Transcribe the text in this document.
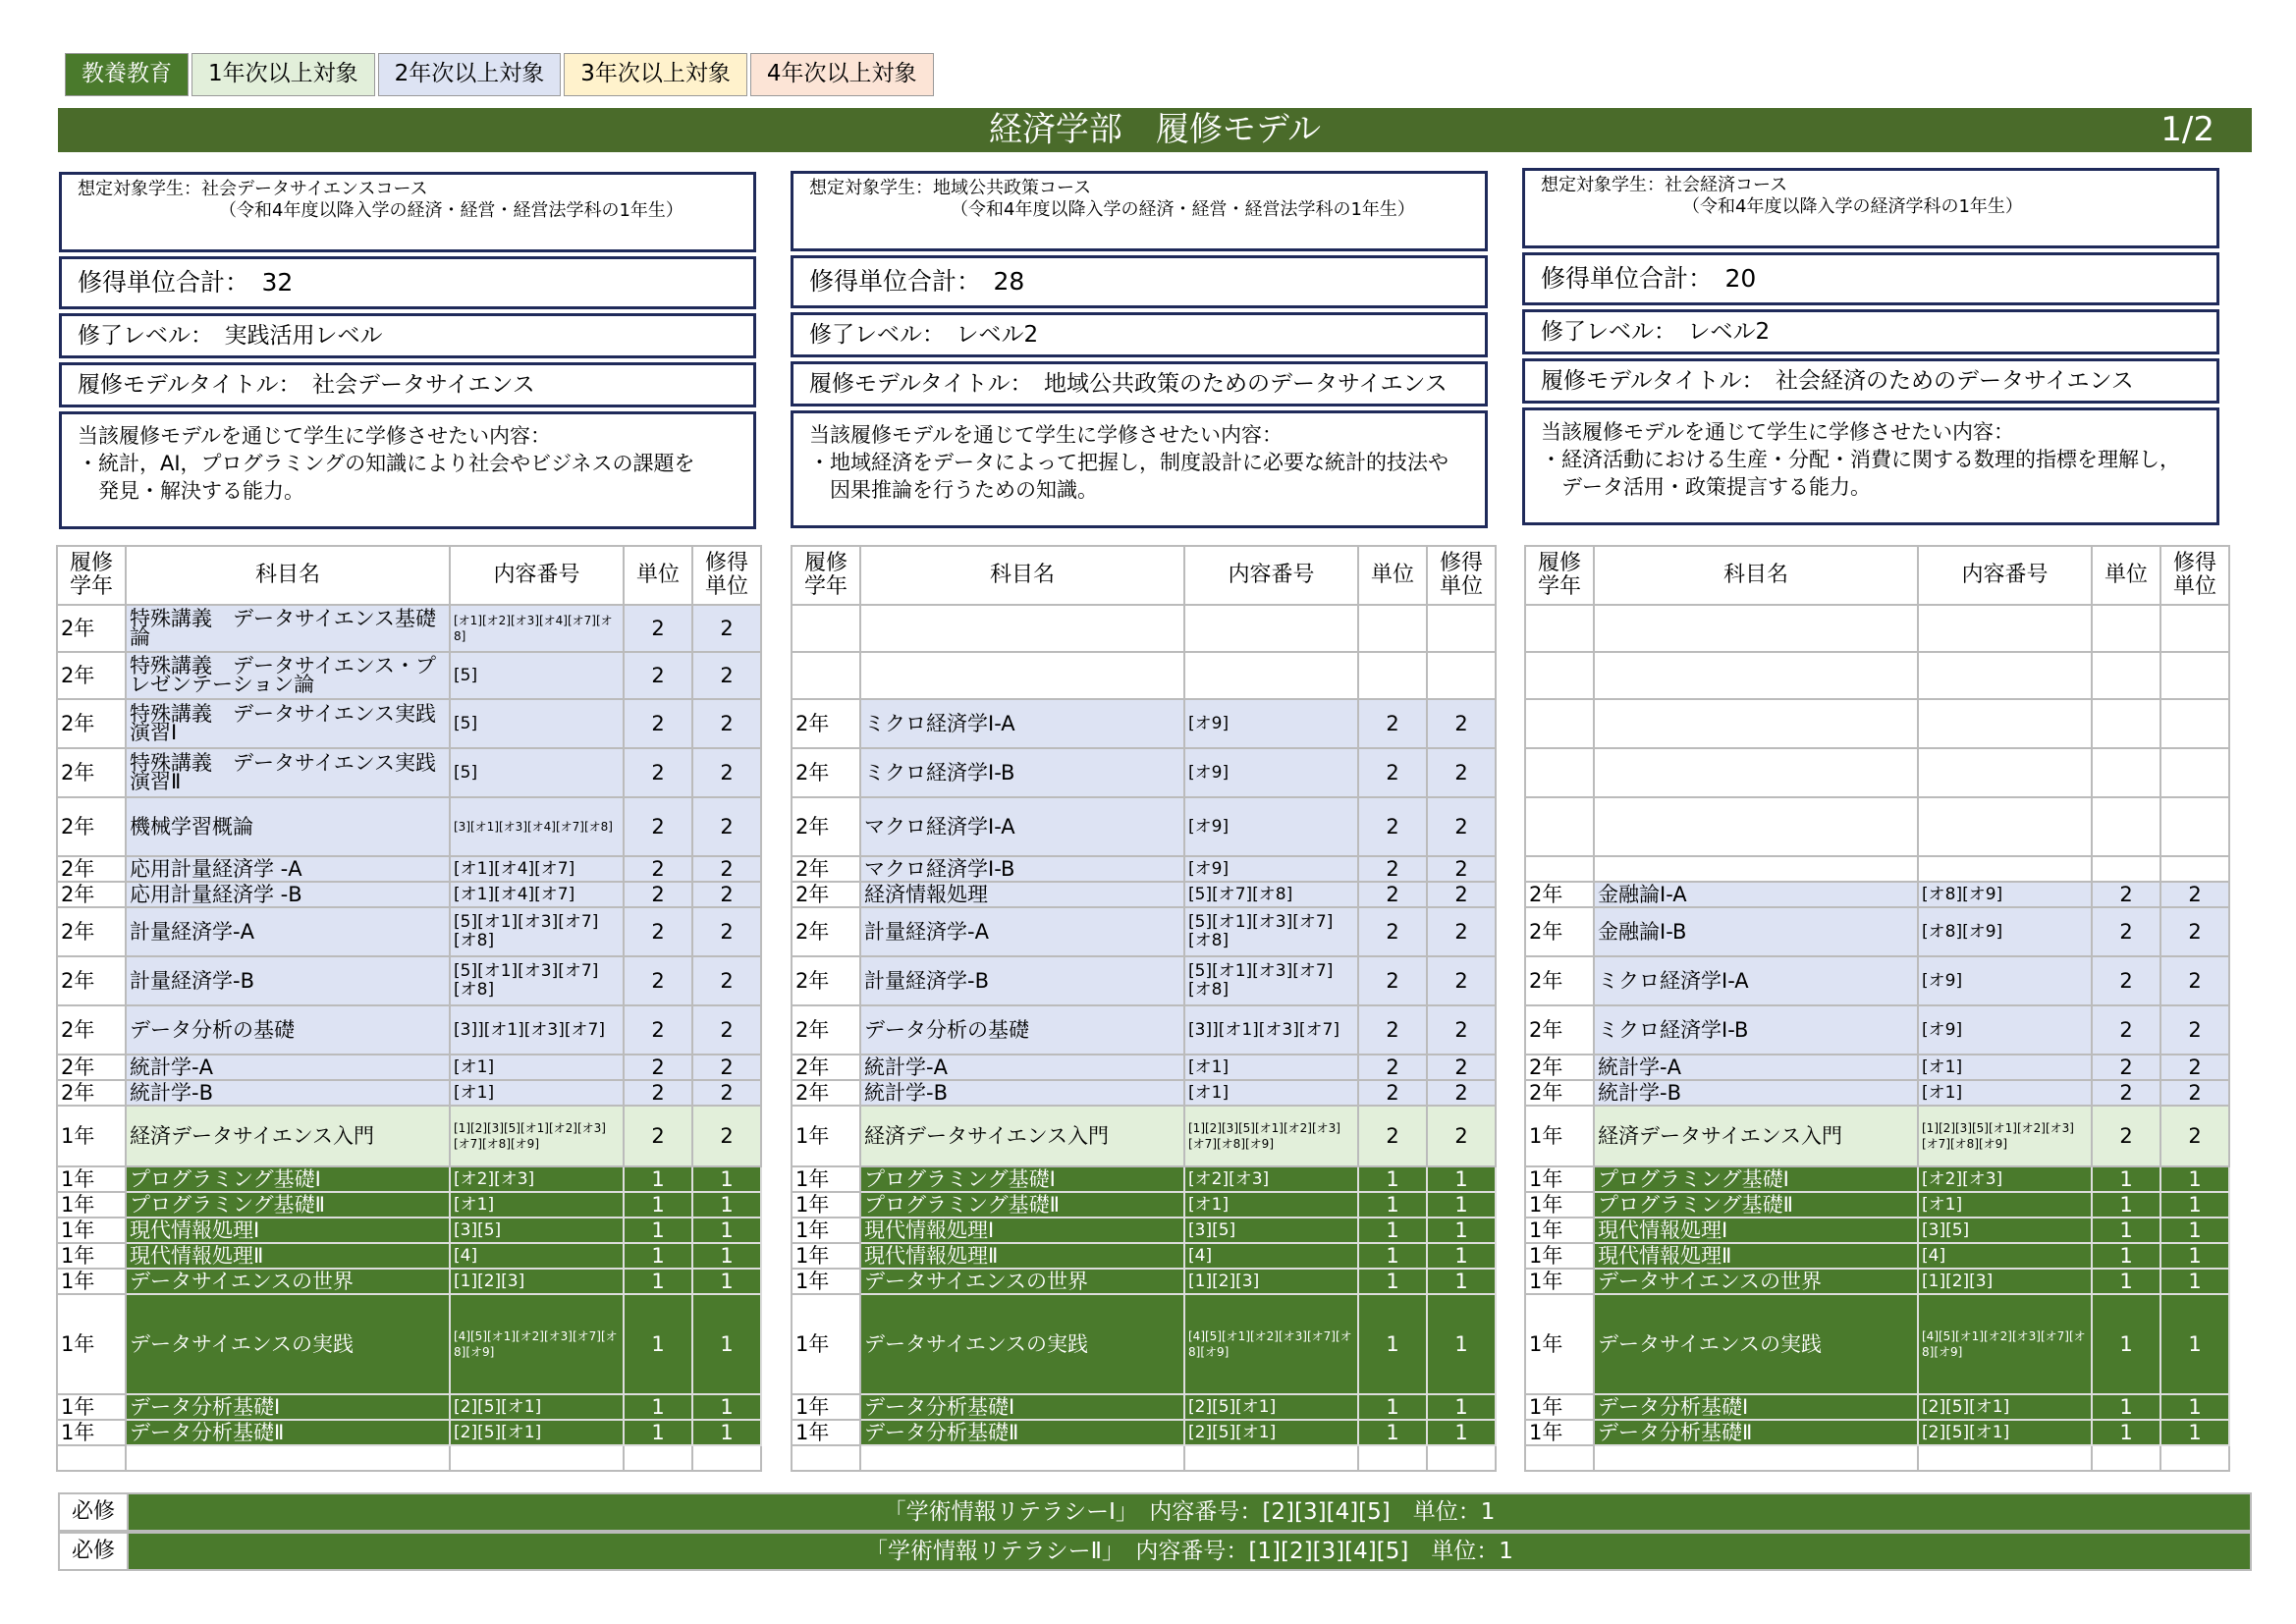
教養教育	1年次以上対象	2年次以上対象	3年次以上対象	4年次以上対象
経済学部　履修モデル	1/2
想定対象学生：社会データサイエンスコース
（令和4年度以降入学の経済・経営・経営法学科の1年生）
修得単位合計：　32
修了レベル：　実践活用レベル
履修モデルタイトル：　社会データサイエンス
当該履修モデルを通じて学生に学修させたい内容：
・統計，AI，プログラミングの知識により社会やビジネスの課題を
　発見・解決する能力。
履修学年	科目名	内容番号	単位	修得単位
2年	特殊講義　データサイエンス基礎論	[オ1][オ2][オ3][オ4][オ7][オ8]	2	2
2年	特殊講義　データサイエンス・プレゼンテーション論	[5]	2	2
2年	特殊講義　データサイエンス実践演習Ⅰ	[5]	2	2
2年	特殊講義　データサイエンス実践演習Ⅱ	[5]	2	2
2年	機械学習概論	[3][オ1][オ3][オ4][オ7][オ8]	2	2
2年	応用計量経済学 -A	[オ1][オ4][オ7]	2	2
2年	応用計量経済学 -B	[オ1][オ4][オ7]	2	2
2年	計量経済学-A	[5][オ1][オ3][オ7][オ8]	2	2
2年	計量経済学-B	[5][オ1][オ3][オ7][オ8]	2	2
2年	データ分析の基礎	[3]][オ1][オ3][オ7]	2	2
2年	統計学-A	[オ1]	2	2
2年	統計学-B	[オ1]	2	2
1年	経済データサイエンス入門	[1][2][3][5][オ1][オ2][オ3][オ7][オ8][オ9]	2	2
1年	プログラミング基礎Ⅰ	[オ2][オ3]	1	1
1年	プログラミング基礎Ⅱ	[オ1]	1	1
1年	現代情報処理Ⅰ	[3][5]	1	1
1年	現代情報処理Ⅱ	[4]	1	1
1年	データサイエンスの世界	[1][2][3]	1	1
1年	データサイエンスの実践	[4][5][オ1][オ2][オ3][オ7][オ8][オ9]	1	1
1年	データ分析基礎Ⅰ	[2][5][オ1]	1	1
1年	データ分析基礎Ⅱ	[2][5][オ1]	1	1

想定対象学生：地域公共政策コース
（令和4年度以降入学の経済・経営・経営法学科の1年生）
修得単位合計：　28
修了レベル：　レベル2
履修モデルタイトル：　地域公共政策のためのデータサイエンス
当該履修モデルを通じて学生に学修させたい内容：
・地域経済をデータによって把握し，制度設計に必要な統計的技法や
　因果推論を行うための知識。
履修学年	科目名	内容番号	単位	修得単位

2年	ミクロ経済学Ⅰ-A	[オ9]	2	2
2年	ミクロ経済学Ⅰ-B	[オ9]	2	2
2年	マクロ経済学Ⅰ-A	[オ9]	2	2
2年	マクロ経済学Ⅰ-B	[オ9]	2	2
2年	経済情報処理	[5][オ7][オ8]	2	2
2年	計量経済学-A	[5][オ1][オ3][オ7][オ8]	2	2
2年	計量経済学-B	[5][オ1][オ3][オ7][オ8]	2	2
2年	データ分析の基礎	[3]][オ1][オ3][オ7]	2	2
2年	統計学-A	[オ1]	2	2
2年	統計学-B	[オ1]	2	2
1年	経済データサイエンス入門	[1][2][3][5][オ1][オ2][オ3][オ7][オ8][オ9]	2	2
1年	プログラミング基礎Ⅰ	[オ2][オ3]	1	1
1年	プログラミング基礎Ⅱ	[オ1]	1	1
1年	現代情報処理Ⅰ	[3][5]	1	1
1年	現代情報処理Ⅱ	[4]	1	1
1年	データサイエンスの世界	[1][2][3]	1	1
1年	データサイエンスの実践	[4][5][オ1][オ2][オ3][オ7][オ8][オ9]	1	1
1年	データ分析基礎Ⅰ	[2][5][オ1]	1	1
1年	データ分析基礎Ⅱ	[2][5][オ1]	1	1

想定対象学生：社会経済コース
（令和4年度以降入学の経済学科の1年生）
修得単位合計：　20
修了レベル：　レベル2
履修モデルタイトル：　社会経済のためのデータサイエンス
当該履修モデルを通じて学生に学修させたい内容：
・経済活動における生産・分配・消費に関する数理的指標を理解し，
　データ活用・政策提言する能力。
履修学年	科目名	内容番号	単位	修得単位

2年	金融論Ⅰ-A	[オ8][オ9]	2	2
2年	金融論Ⅰ-B	[オ8][オ9]	2	2
2年	ミクロ経済学Ⅰ-A	[オ9]	2	2
2年	ミクロ経済学Ⅰ-B	[オ9]	2	2
2年	統計学-A	[オ1]	2	2
2年	統計学-B	[オ1]	2	2
1年	経済データサイエンス入門	[1][2][3][5][オ1][オ2][オ3][オ7][オ8][オ9]	2	2
1年	プログラミング基礎Ⅰ	[オ2][オ3]	1	1
1年	プログラミング基礎Ⅱ	[オ1]	1	1
1年	現代情報処理Ⅰ	[3][5]	1	1
1年	現代情報処理Ⅱ	[4]	1	1
1年	データサイエンスの世界	[1][2][3]	1	1
1年	データサイエンスの実践	[4][5][オ1][オ2][オ3][オ7][オ8][オ9]	1	1
1年	データ分析基礎Ⅰ	[2][5][オ1]	1	1
1年	データ分析基礎Ⅱ	[2][5][オ1]	1	1

必修	「学術情報リテラシーⅠ」　内容番号：[2][3][4][5]　単位：1
必修	「学術情報リテラシーⅡ」　内容番号：[1][2][3][4][5]　単位：1
